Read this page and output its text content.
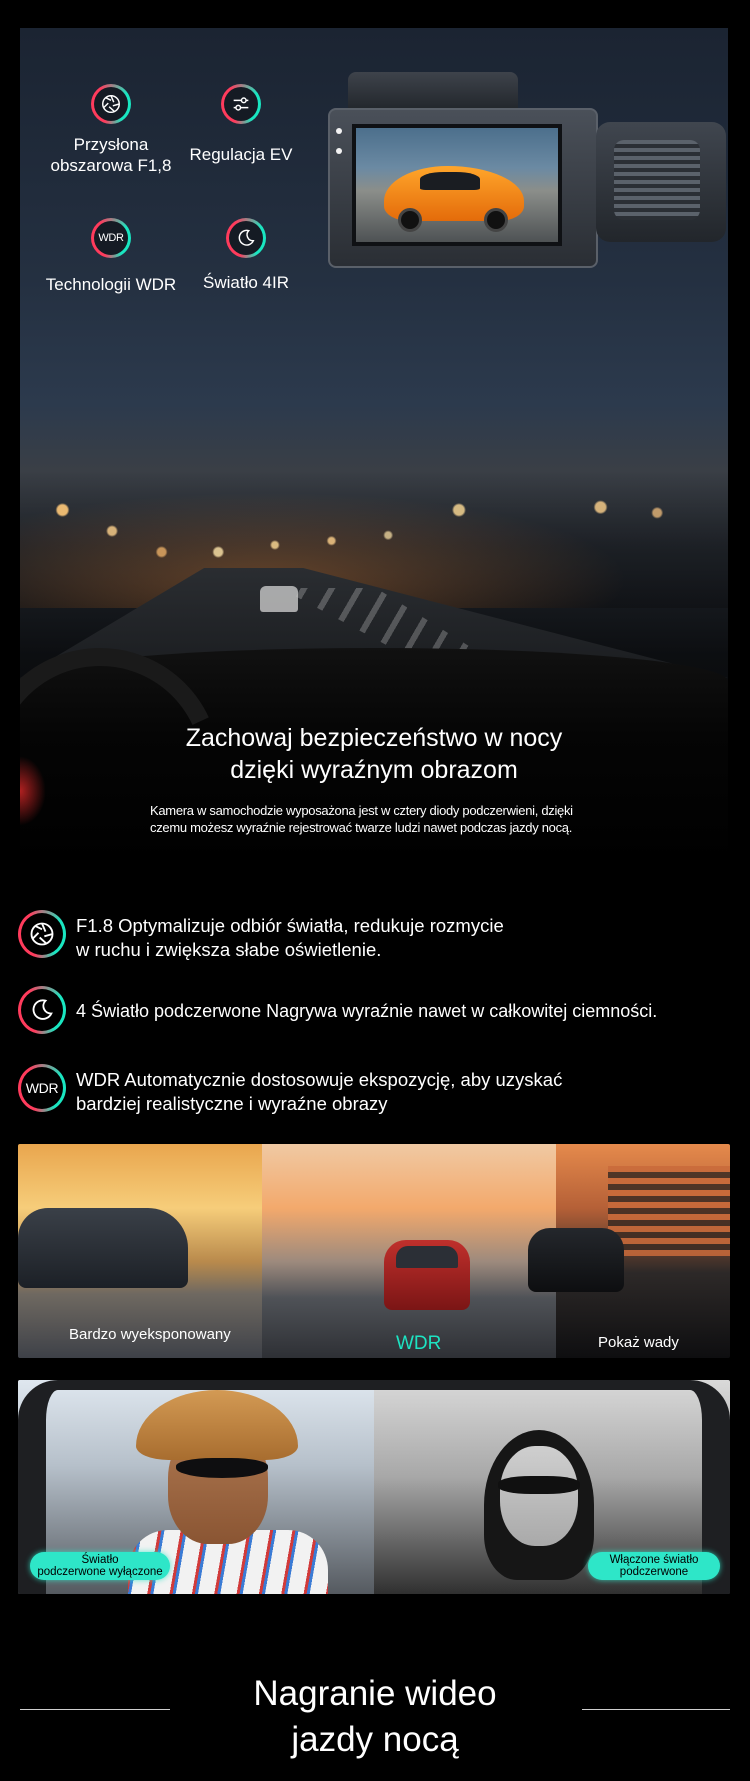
Przysłona
obszarowa F1,8
Regulacja EV
WDR
Technologii WDR	Światło 4IR
Zachowaj bezpieczeństwo w nocy
dzięki wyraźnym obrazom
Kamera w samochodzie wyposażona jest w cztery diody podczerwieni, dzięki
czemu możesz wyraźnie rejestrować twarze ludzi nawet podczas jazdy nocą.
F1.8 Optymalizuje odbiór światła, redukuje rozmycie
w ruchu i zwiększa słabe oświetlenie.
4 Światło podczerwone Nagrywa wyraźnie nawet w całkowitej ciemności.
WDR WDR Automatycznie dostosowuje ekspozycję, aby uzyskać
bardziej realistyczne i wyraźne obrazy
Bardzo wyeksponowany	WDR	Pokaż wady
Światło
podczerwone wyłączone
Włączone światło
podczerwone
Nagranie wideo
jazdy nocą
